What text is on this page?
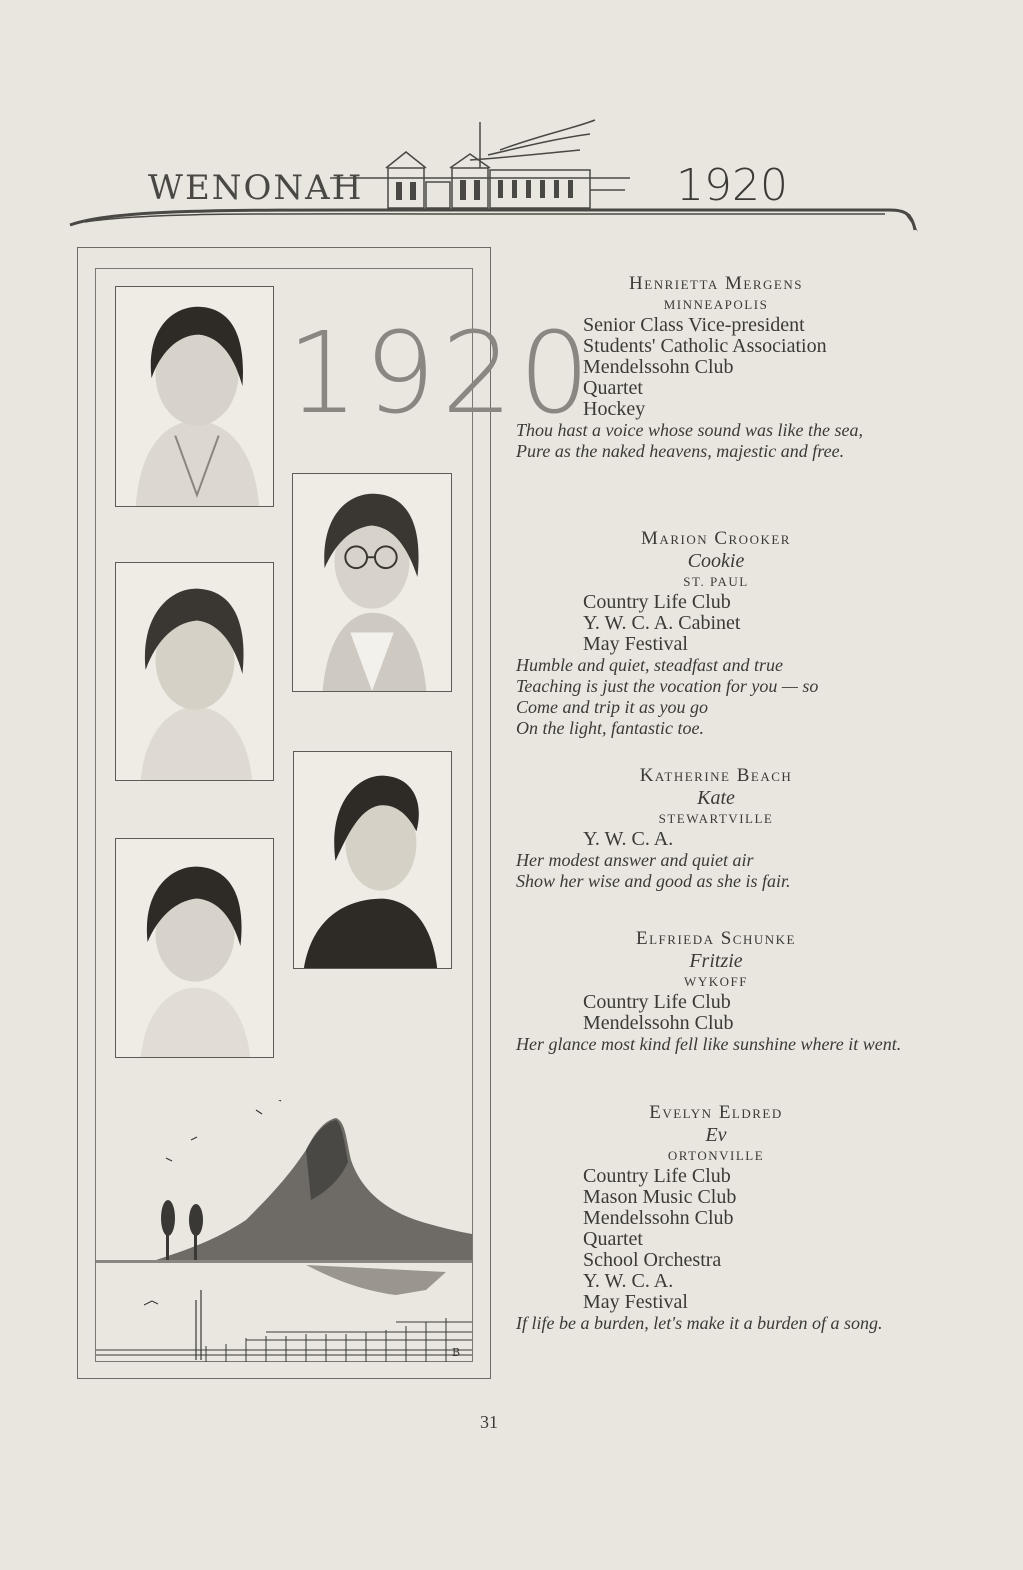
WENONAH	1920
1920
B
Henrietta Mergens
MINNEAPOLIS
Senior Class Vice-president
Students' Catholic Association
Mendelssohn Club
Quartet
Hockey
Thou hast a voice whose sound was like the sea,
Pure as the naked heavens, majestic and free.
Marion Crooker
Cookie
ST. PAUL
Country Life Club
Y. W. C. A. Cabinet
May Festival
Humble and quiet, steadfast and true
Teaching is just the vocation for you — so
Come and trip it as you go
On the light, fantastic toe.
Katherine Beach
Kate
STEWARTVILLE
Y. W. C. A.
Her modest answer and quiet air
Show her wise and good as she is fair.
Elfrieda Schunke
Fritzie
WYKOFF
Country Life Club
Mendelssohn Club
Her glance most kind fell like sunshine where it went.
Evelyn Eldred
Ev
ORTONVILLE
Country Life Club
Mason Music Club
Mendelssohn Club
Quartet
School Orchestra
Y. W. C. A.
May Festival
If life be a burden, let's make it a burden of a song.
31
